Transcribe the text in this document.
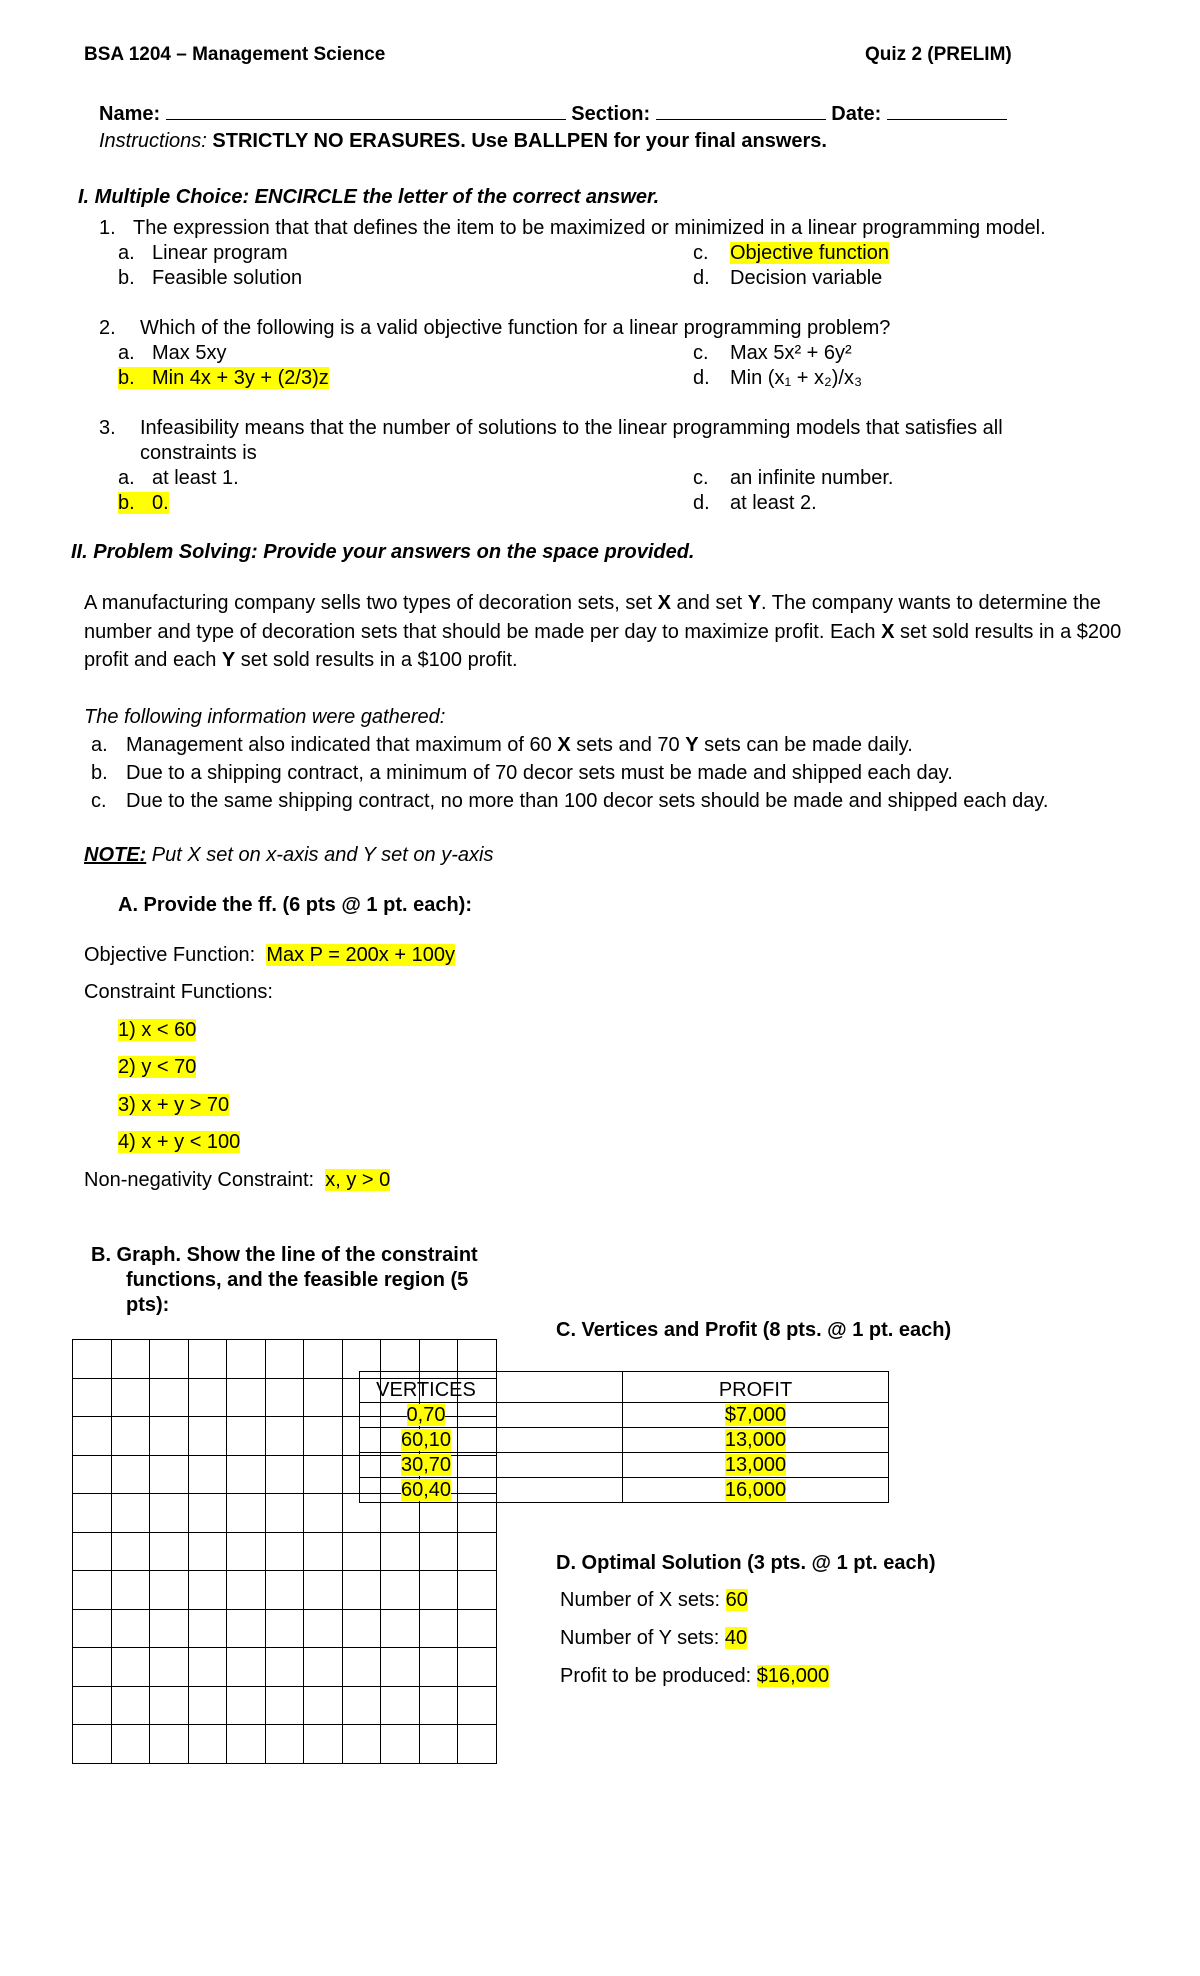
BSA 1204 – Management Science	Quiz 2 (PRELIM)
Name:	Section:	Date:
Instructions: STRICTLY NO ERASURES. Use BALLPEN for your final answers.
I. Multiple Choice: ENCIRCLE the letter of the correct answer.
1. The expression that that defines the item to be maximized or minimized in a linear programming model.
a. Linear program
b. Feasible solution
c. Objective function
d. Decision variable
2. Which of the following is a valid objective function for a linear programming problem?
a. Max 5xy
b. Min 4x + 3y + (2/3)z
c. Max 5x² + 6y²
d. Min (x₁ + x₂)/x₃
3. Infeasibility means that the number of solutions to the linear programming models that satisfies all
constraints is
a. at least 1.
b. 0.
c. an infinite number.
d. at least 2.
II. Problem Solving: Provide your answers on the space provided.
A manufacturing company sells two types of decoration sets, set X and set Y. The company wants to determine the number and type of decoration sets that should be made per day to maximize profit. Each X set sold results in a $200 profit and each Y set sold results in a $100 profit.
The following information were gathered:
a. Management also indicated that maximum of 60 X sets and 70 Y sets can be made daily.
b. Due to a shipping contract, a minimum of 70 decor sets must be made and shipped each day.
c. Due to the same shipping contract, no more than 100 decor sets should be made and shipped each day.
NOTE: Put X set on x-axis and Y set on y-axis
A. Provide the ff. (6 pts @ 1 pt. each):
Objective Function: Max P = 200x + 100y
Constraint Functions:
1) x < 60
2) y < 70
3) x + y > 70
4) x + y < 100
Non-negativity Constraint: x, y > 0
B. Graph. Show the line of the constraint
functions, and the feasible region (5
pts):

C. Vertices and Profit (8 pts. @ 1 pt. each)
VERTICES	PROFIT
0,70	$7,000
60,10	13,000
30,70	13,000
60,40	16,000
D. Optimal Solution (3 pts. @ 1 pt. each)
Number of X sets: 60
Number of Y sets: 40
Profit to be produced: $16,000
